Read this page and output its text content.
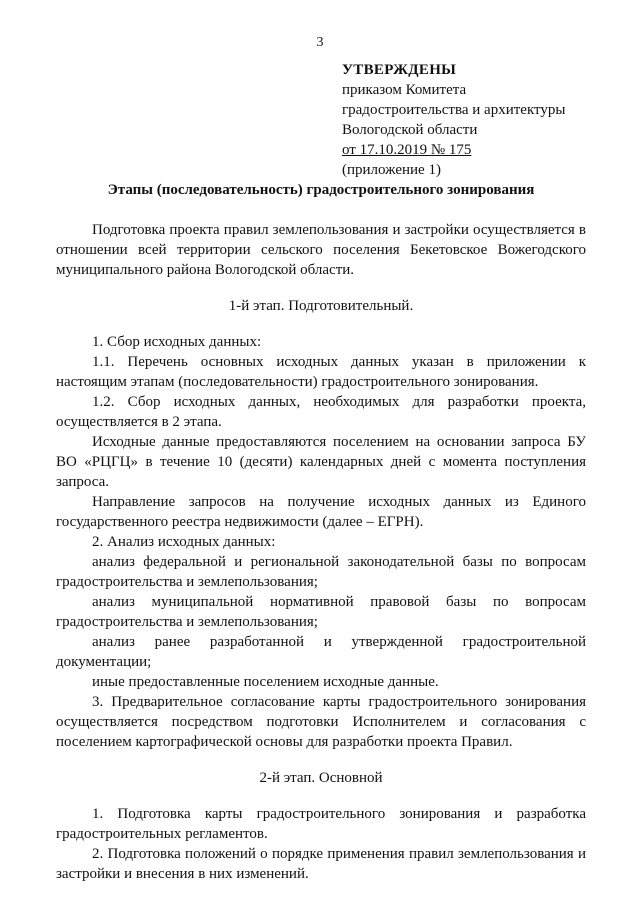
3
УТВЕРЖДЕНЫ
приказом Комитета
градостроительства и архитектуры
Вологодской области
от 17.10.2019 № 175
(приложение 1)
Этапы (последовательность) градостроительного зонирования

Подготовка проекта правил землепользования и застройки осуществляется в отношении всей территории сельского поселения Бекетовское Вожегодского муниципального района Вологодской области.

1-й этап. Подготовительный.

1. Сбор исходных данных:

1.1. Перечень основных исходных данных указан в приложении к настоящим этапам (последовательности) градостроительного зонирования.

1.2. Сбор исходных данных, необходимых для разработки проекта, осуществляется в 2 этапа.

Исходные данные предоставляются поселением на основании запроса БУ ВО «РЦГЦ» в течение 10 (десяти) календарных дней с момента поступления запроса.

Направление запросов на получение исходных данных из Единого государственного реестра недвижимости (далее – ЕГРН).

2. Анализ исходных данных:

анализ федеральной и региональной законодательной базы по вопросам градостроительства и землепользования;

анализ муниципальной нормативной правовой базы по вопросам градостроительства и землепользования;

анализ ранее разработанной и утвержденной градостроительной документации;

иные предоставленные поселением исходные данные.

3. Предварительное согласование карты градостроительного зонирования осуществляется посредством подготовки Исполнителем и согласования с поселением картографической основы для разработки проекта Правил.

2-й этап. Основной

1. Подготовка карты градостроительного зонирования и разработка градостроительных регламентов.

2. Подготовка положений о порядке применения правил землепользования и застройки и внесения в них изменений.
